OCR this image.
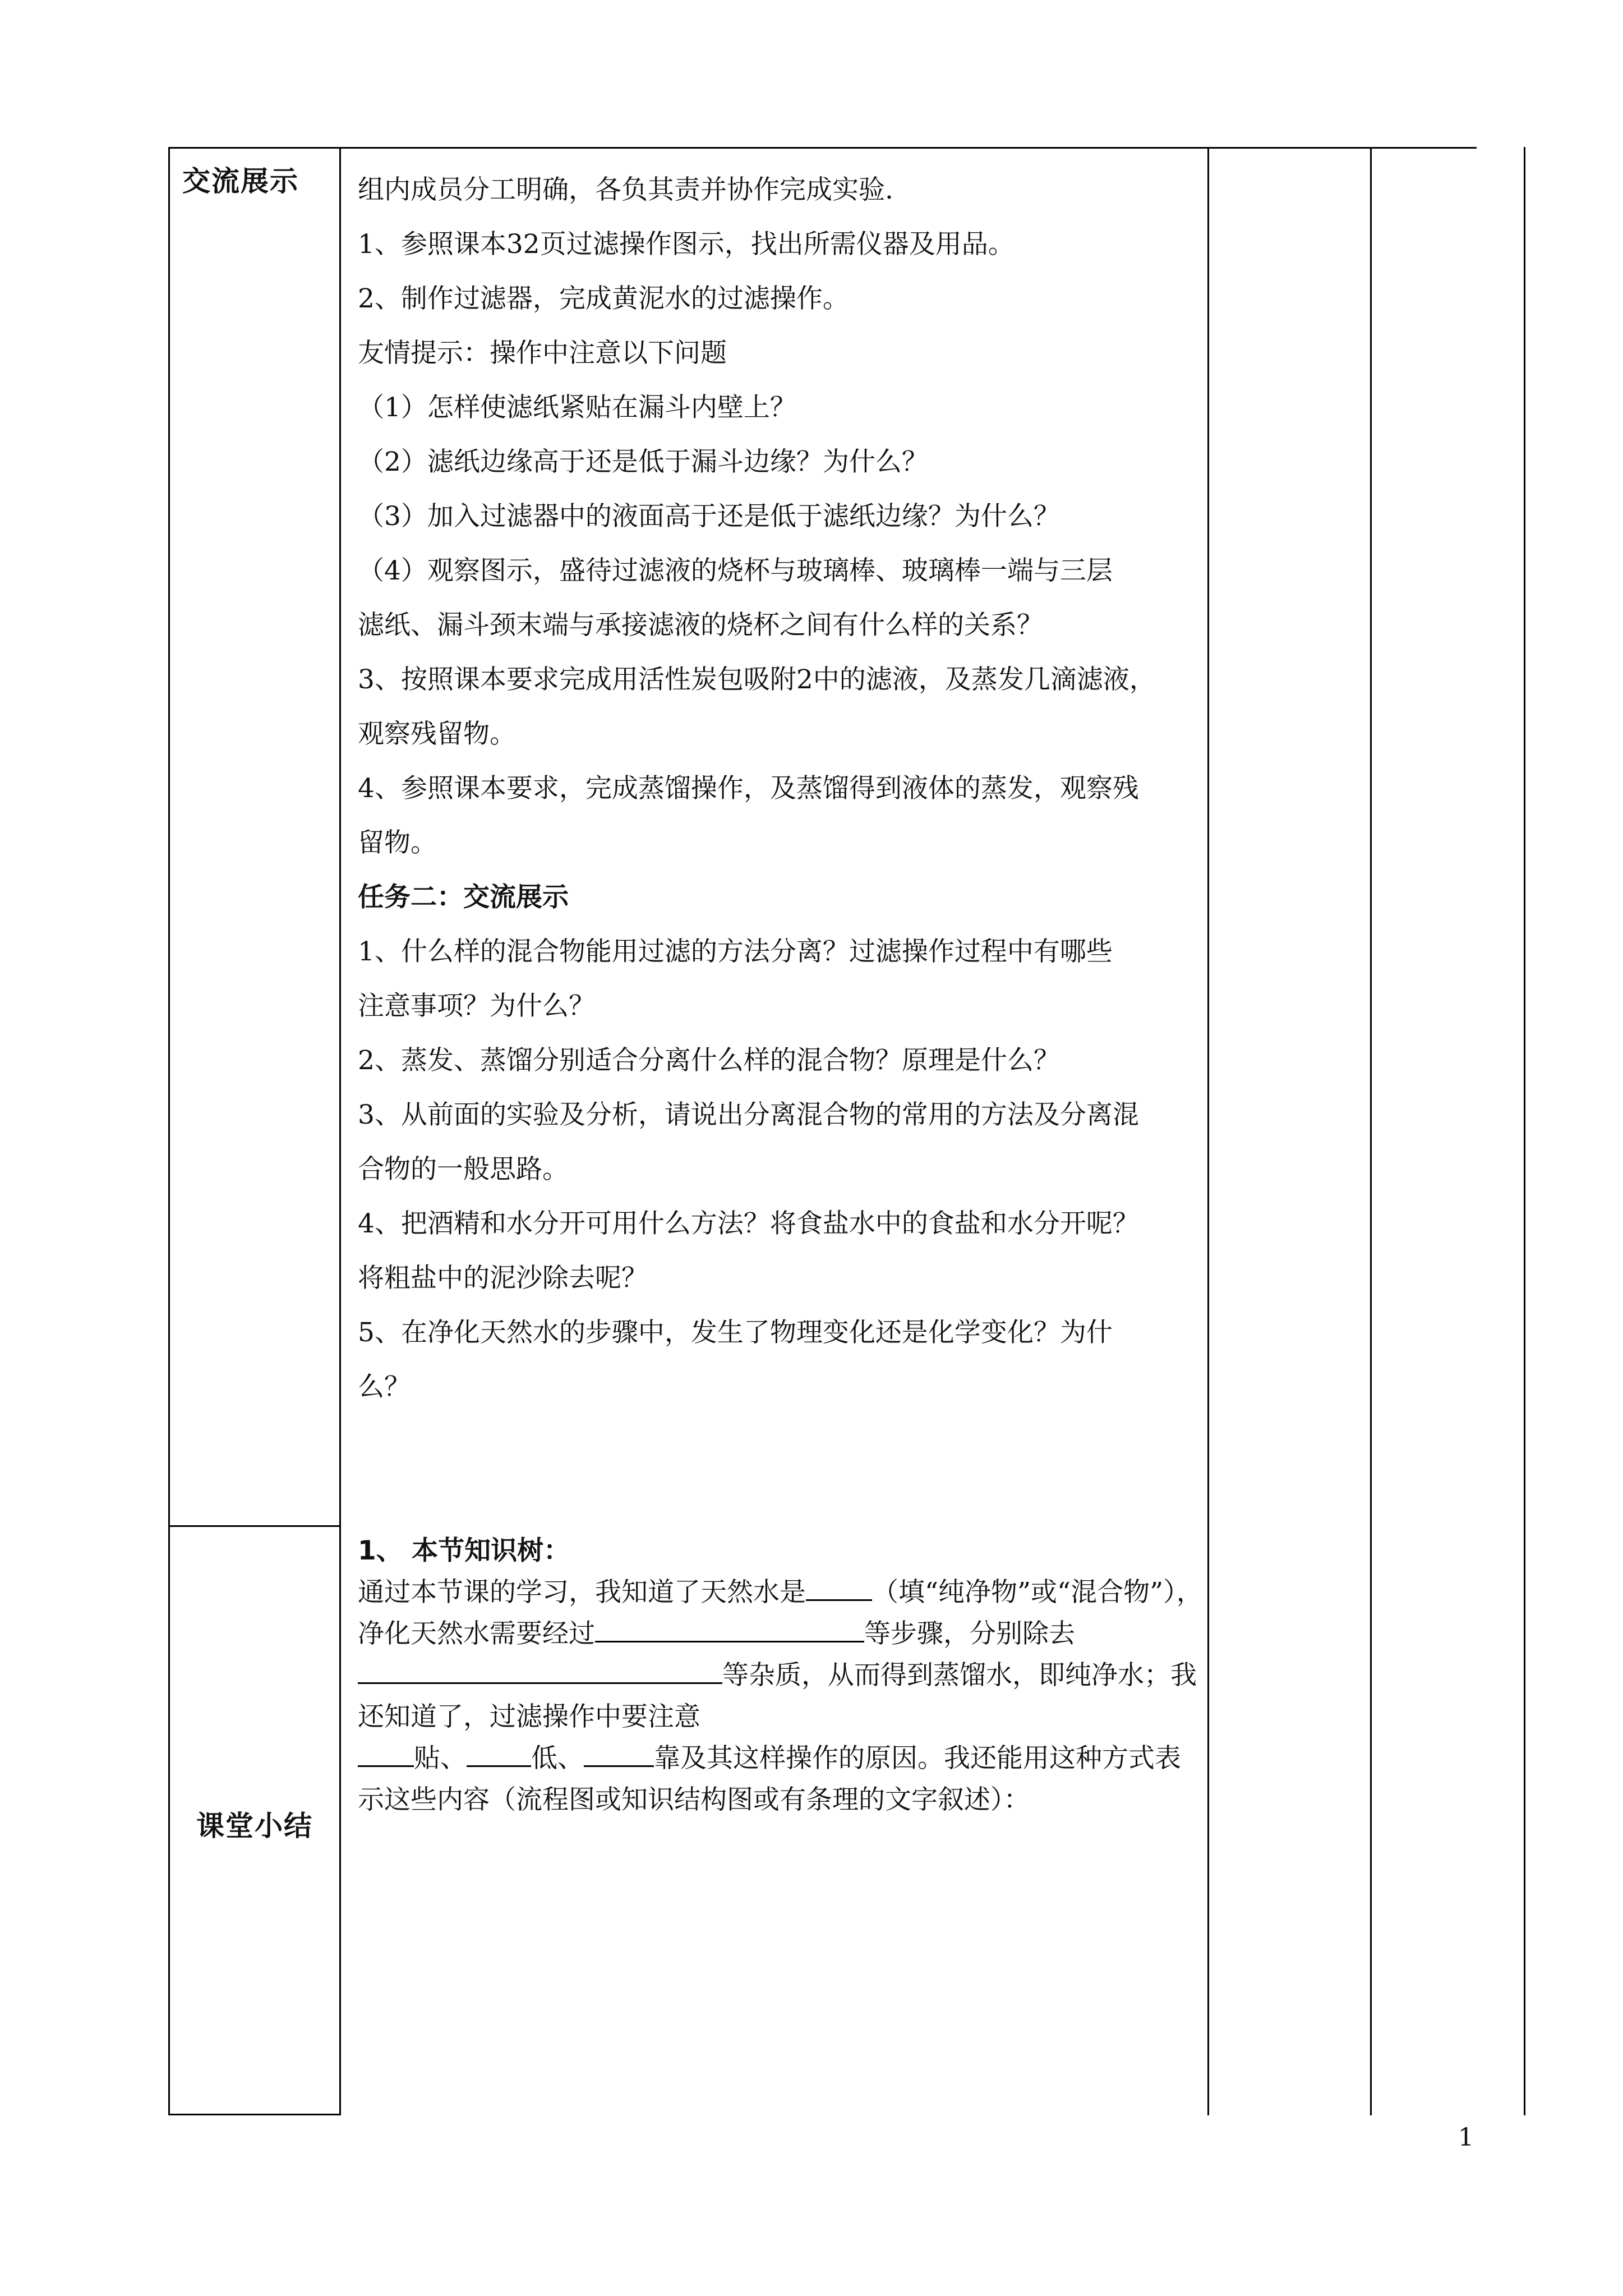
交流展示 组内成员分工明确，各负其责并协作完成实验.

1、参照课本32页过滤操作图示，找出所需仪器及用品。

2、制作过滤器，完成黄泥水的过滤操作。

友情提示：操作中注意以下问题

（1）怎样使滤纸紧贴在漏斗内壁上？

（2）滤纸边缘高于还是低于漏斗边缘？为什么？

（3）加入过滤器中的液面高于还是低于滤纸边缘？为什么？

（4）观察图示，盛待过滤液的烧杯与玻璃棒、玻璃棒一端与三层

滤纸、漏斗颈末端与承接滤液的烧杯之间有什么样的关系？

3、按照课本要求完成用活性炭包吸附2中的滤液，及蒸发几滴滤液，

观察残留物。

4、参照课本要求，完成蒸馏操作，及蒸馏得到液体的蒸发，观察残

留物。

任务二：交流展示

1、什么样的混合物能用过滤的方法分离？过滤操作过程中有哪些

注意事项？为什么？

2、蒸发、蒸馏分别适合分离什么样的混合物？原理是什么？

3、从前面的实验及分析，请说出分离混合物的常用的方法及分离混

合物的一般思路。

4、把酒精和水分开可用什么方法？将食盐水中的食盐和水分开呢？

将粗盐中的泥沙除去呢？

5、在净化天然水的步骤中，发生了物理变化还是化学变化？为什

么？

课堂小结

1、 本节知识树：

通过本节课的学习，我知道了天然水是	（填“纯净物”或“混合物”），净化天然水需要经过	等步骤，分别除去等杂质，从而得到蒸馏水，即纯净水；我还知道了，过滤操作中要注意
贴、 低、	靠及其这样操作的原因。我还能用这种方式表示这些内容（流程图或知识结构图或有条理的文字叙述）：

1
